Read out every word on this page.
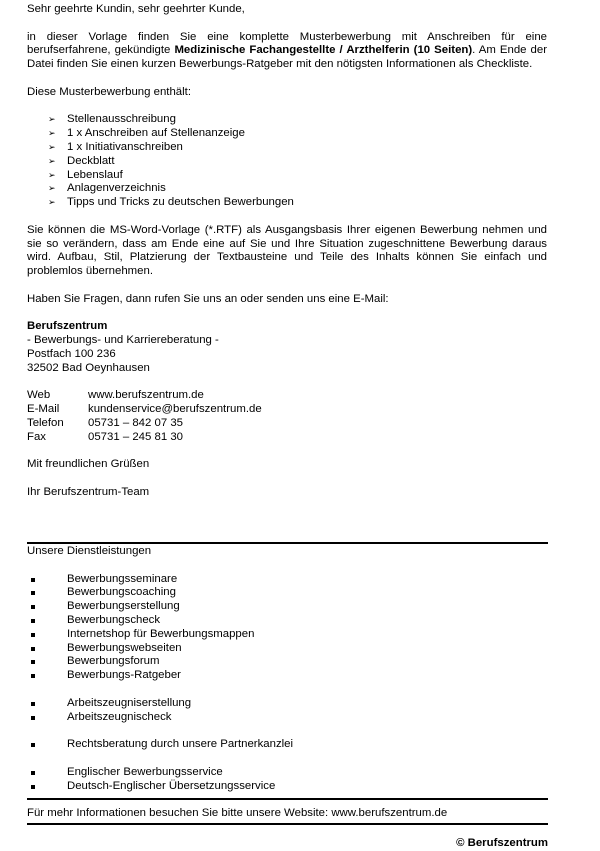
Sehr geehrte Kundin, sehr geehrter Kunde,

in dieser Vorlage finden Sie eine komplette Musterbewerbung mit Anschreiben für eine berufserfahrene, gekündigte Medizinische Fachangestellte / Arzthelferin (10 Seiten). Am Ende der Datei finden Sie einen kurzen Bewerbungs-Ratgeber mit den nötigsten Informationen als Checkliste.

Diese Musterbewerbung enthält:

➢ Stellenausschreibung
➢ 1 x Anschreiben auf Stellenanzeige
➢ 1 x Initiativanschreiben
➢ Deckblatt
➢ Lebenslauf
➢ Anlagenverzeichnis
➢ Tipps und Tricks zu deutschen Bewerbungen

Sie können die MS-Word-Vorlage (*.RTF) als Ausgangsbasis Ihrer eigenen Bewerbung nehmen und sie so verändern, dass am Ende eine auf Sie und Ihre Situation zugeschnittene Bewerbung daraus wird. Aufbau, Stil, Platzierung der Textbausteine und Teile des Inhalts können Sie einfach und problemlos übernehmen.

Haben Sie Fragen, dann rufen Sie uns an oder senden uns eine E-Mail:

Berufszentrum

- Bewerbungs- und Karriereberatung -

Postfach 100 236

32502 Bad Oeynhausen

Web	www.berufszentrum.de
E-Mail	kundenservice@berufszentrum.de
Telefon	05731 – 842 07 35
Fax	05731 – 245 81 30

Mit freundlichen Grüßen

Ihr Berufszentrum-Team

Unsere Dienstleistungen

Bewerbungsseminare
Bewerbungscoaching
Bewerbungserstellung
Bewerbungscheck
Internetshop für Bewerbungsmappen
Bewerbungswebseiten
Bewerbungsforum
Bewerbungs-Ratgeber
Arbeitszeugniserstellung
Arbeitszeugnischeck
Rechtsberatung durch unsere Partnerkanzlei
Englischer Bewerbungsservice
Deutsch-Englischer Übersetzungsservice

Für mehr Informationen besuchen Sie bitte unsere Website: www.berufszentrum.de

© Berufszentrum
